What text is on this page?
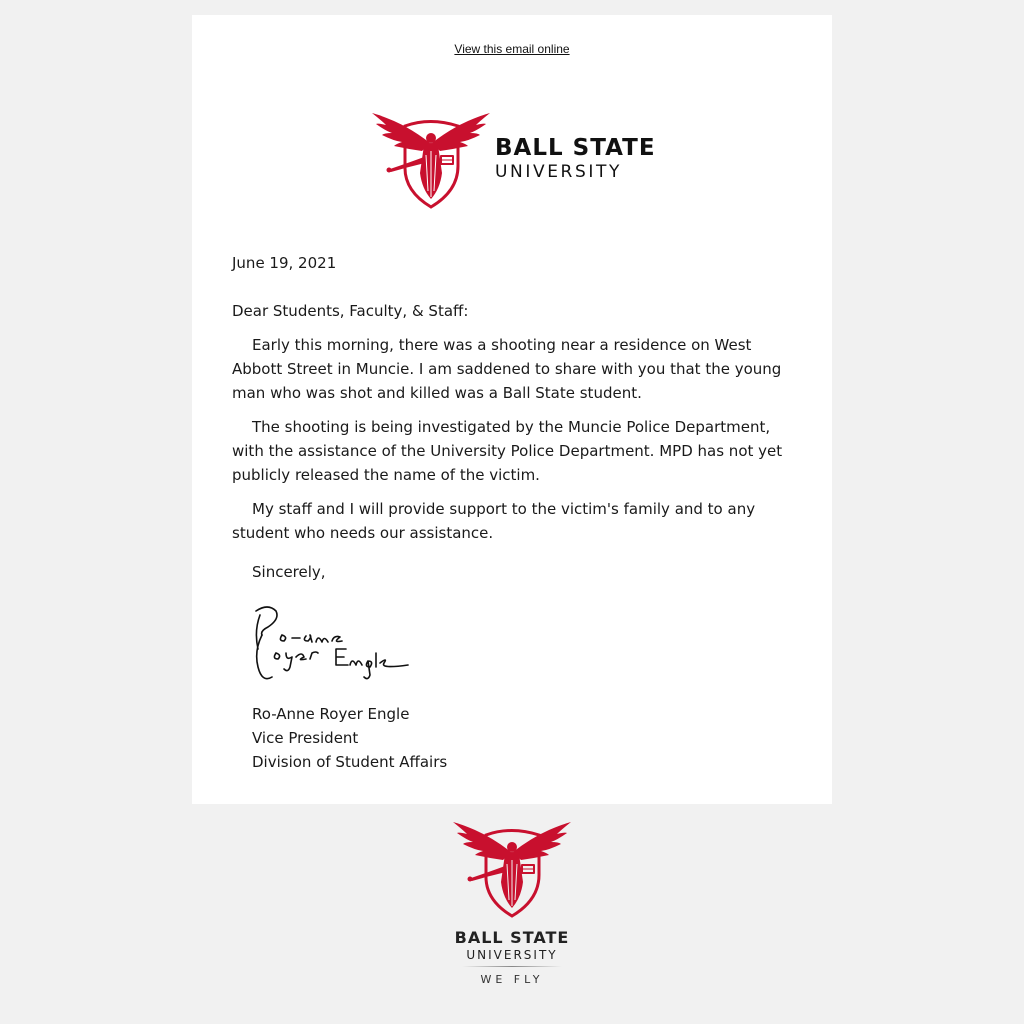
View this email online
BALL STATE
UNIVERSITY
June 19, 2021
Dear Students, Faculty, & Staff:

Early this morning, there was a shooting near a residence on West Abbott Street in Muncie. I am saddened to share with you that the young man who was shot and killed was a Ball State student.

The shooting is being investigated by the Muncie Police Department, with the assistance of the University Police Department. MPD has not yet publicly released the name of the victim.

My staff and I will provide support to the victim's family and to any student who needs our assistance.

Sincerely,
Ro-Anne Royer Engle
Vice President
Division of Student Affairs
BALL STATE
UNIVERSITY
WE FLY
